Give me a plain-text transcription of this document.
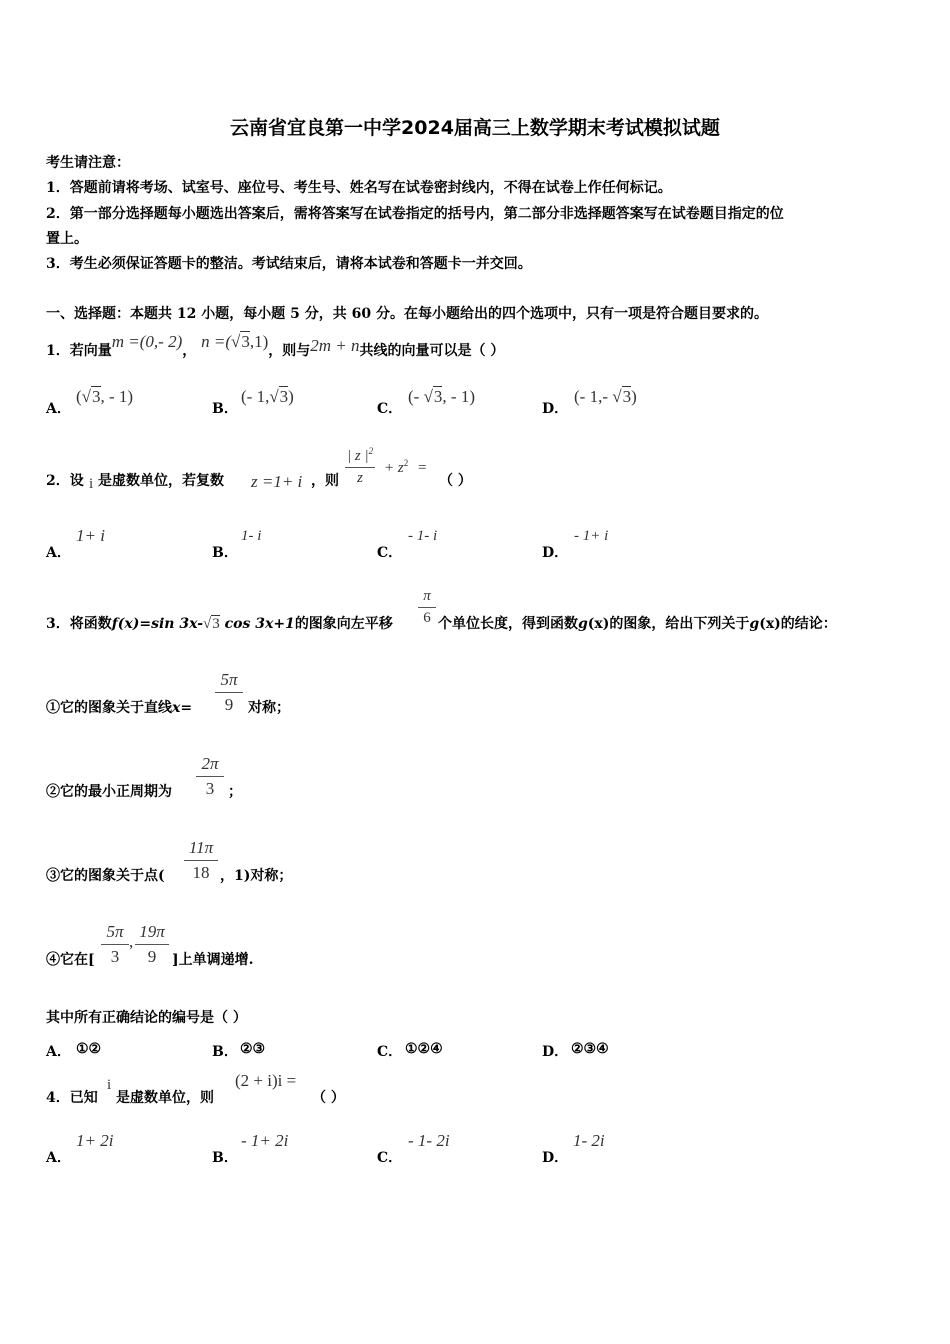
云南省宜良第一中学2024届高三上数学期末考试模拟试题
考生请注意：
1．答题前请将考场、试室号、座位号、考生号、姓名写在试卷密封线内，不得在试卷上作任何标记。
2．第一部分选择题每小题选出答案后，需将答案写在试卷指定的括号内，第二部分非选择题答案写在试卷题目指定的位
置上。
3．考生必须保证答题卡的整洁。考试结束后，请将本试卷和答题卡一并交回。
一、选择题：本题共 12 小题，每小题 5 分，共 60 分。在每小题给出的四个选项中，只有一项是符合题目要求的。
1．若向量m =(0,- 2)， n =(√3,1)，则与2m + n共线的向量可以是（ ）
A．
(√3, - 1)
B．
(- 1,√3)
C．
(- √3, - 1)
D．
(- 1,- √3)
2．设 i 是虚数单位，若复数 z =1+ i ，则 $\frac{| z |^2}{z} + z^2$ =
（ ）
A．
1+ i
B．
1- i
C．
- 1- i
D．
- 1+ i
3．将函数f(x)=sin 3x-√3 cos 3x+1的图象向左平移 $\frac{\pi}{6}$ 个单位长度，得到函数g(x)的图象，给出下列关于g(x)的结论：
①它的图象关于直线$x= \frac{5\pi}{9}$ 对称；
②它的最小正周期为 $\frac{2\pi}{3}$ ；
③它的图象关于点( $\frac{11\pi}{18}$ ，1)对称；
④它在[ $\frac{5\pi}{3}$ , $\frac{19\pi}{9}$ ]上单调递增.
其中所有正确结论的编号是（ ）
A． ①②	B． ②③	C． ①②④	D． ②③④
4．已知
i
是虚数单位，则
(2 + i)i =
（ ）
A．
1+ 2i
B．
- 1+ 2i
C．
- 1- 2i
D．
1- 2i
